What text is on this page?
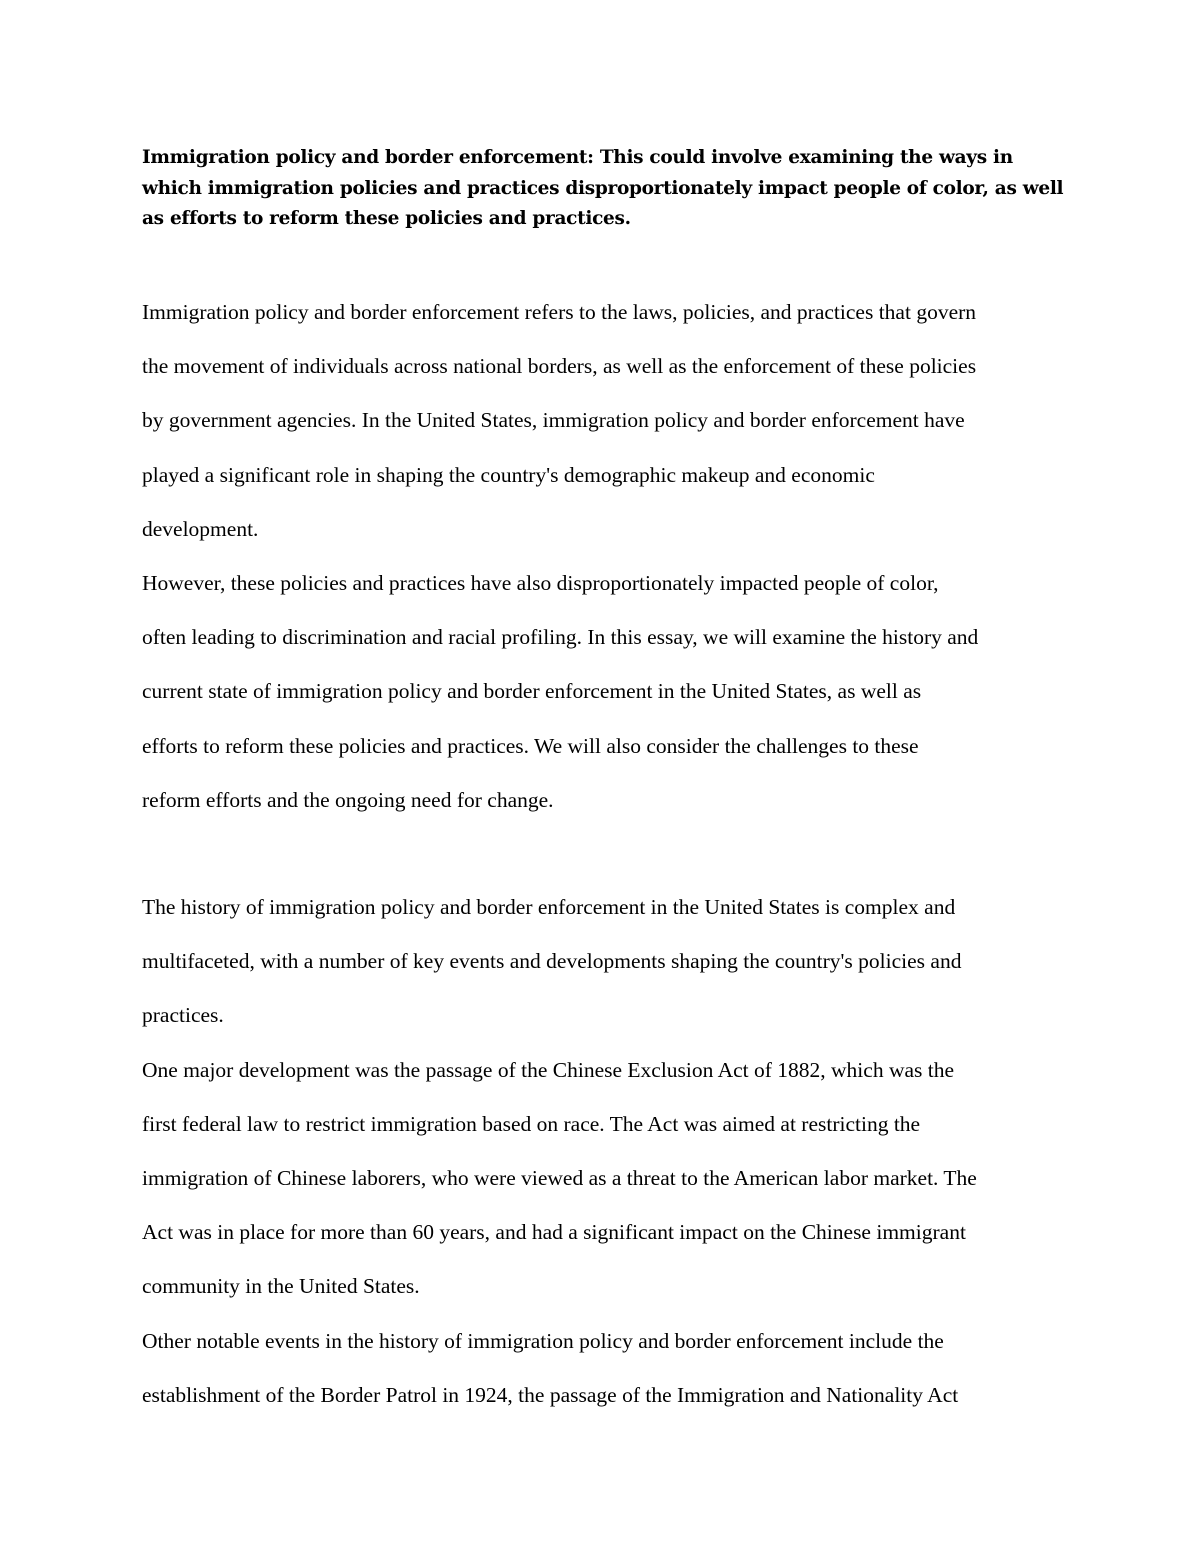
Immigration policy and border enforcement: This could involve examining the ways in which immigration policies and practices disproportionately impact people of color, as well as efforts to reform these policies and practices.

Immigration policy and border enforcement refers to the laws, policies, and practices that govern
the movement of individuals across national borders, as well as the enforcement of these policies
by government agencies. In the United States, immigration policy and border enforcement have
played a significant role in shaping the country's demographic makeup and economic
development.
However, these policies and practices have also disproportionately impacted people of color,
often leading to discrimination and racial profiling. In this essay, we will examine the history and
current state of immigration policy and border enforcement in the United States, as well as
efforts to reform these policies and practices. We will also consider the challenges to these
reform efforts and the ongoing need for change.
The history of immigration policy and border enforcement in the United States is complex and
multifaceted, with a number of key events and developments shaping the country's policies and
practices.
One major development was the passage of the Chinese Exclusion Act of 1882, which was the
first federal law to restrict immigration based on race. The Act was aimed at restricting the
immigration of Chinese laborers, who were viewed as a threat to the American labor market. The
Act was in place for more than 60 years, and had a significant impact on the Chinese immigrant
community in the United States.
Other notable events in the history of immigration policy and border enforcement include the
establishment of the Border Patrol in 1924, the passage of the Immigration and Nationality Act
